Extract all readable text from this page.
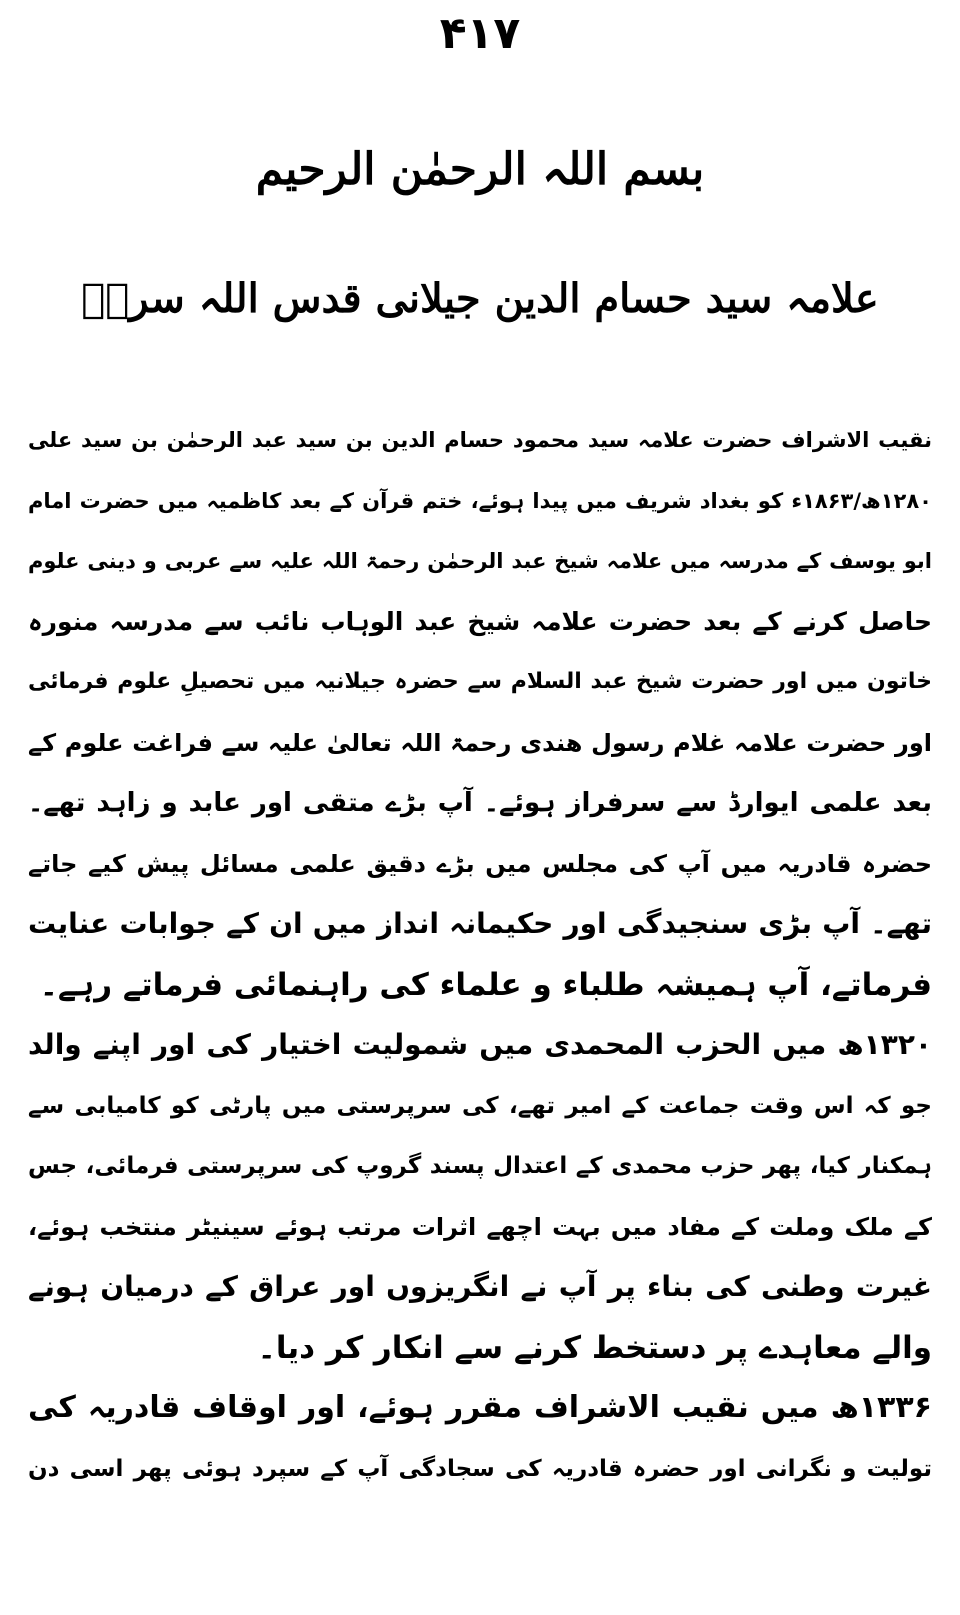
۴۱۷
بسم اللہ الرحمٰن الرحیم
علامہ سید حسام الدین جیلانی قدس اللہ سرہٗ
نقیب الاشراف حضرت علامہ سید محمود حسام الدین بن سید عبد الرحمٰن بن سید علی
۱۲۸۰ھ/۱۸۶۳ء کو بغداد شریف میں پیدا ہوئے، ختم قرآن کے بعد کاظمیہ میں حضرت امام
ابو یوسف کے مدرسہ میں علامہ شیخ عبد الرحمٰن رحمۃ اللہ علیہ سے عربی و دینی علوم
حاصل کرنے کے بعد حضرت علامہ شیخ عبد الوہاب نائب سے مدرسہ منورہ
خاتون میں اور حضرت شیخ عبد السلام سے حضرہ جیلانیہ میں تحصیلِ علوم فرمائی
اور حضرت علامہ غلام رسول ھندی رحمۃ اللہ تعالیٰ علیہ سے فراغت علوم کے
بعد علمی ایوارڈ سے سرفراز ہوئے۔ آپ بڑے متقی اور عابد و زاہد تھے۔
حضرہ قادریہ میں آپ کی مجلس میں بڑے دقیق علمی مسائل پیش کیے جاتے
تھے۔ آپ بڑی سنجیدگی اور حکیمانہ انداز میں ان کے جوابات عنایت
فرماتے، آپ ہمیشہ طلباء و علماء کی راہنمائی فرماتے رہے۔
۱۳۲۰ھ میں الحزب المحمدی میں شمولیت اختیار کی اور اپنے والد
جو کہ اس وقت جماعت کے امیر تھے، کی سرپرستی میں پارٹی کو کامیابی سے
ہمکنار کیا، پھر حزب محمدی کے اعتدال پسند گروپ کی سرپرستی فرمائی، جس
کے ملک وملت کے مفاد میں بہت اچھے اثرات مرتب ہوئے سینیٹر منتخب ہوئے،
غیرت وطنی کی بناء پر آپ نے انگریزوں اور عراق کے درمیان ہونے
والے معاہدے پر دستخط کرنے سے انکار کر دیا۔
۱۳۳۶ھ میں نقیب الاشراف مقرر ہوئے، اور اوقاف قادریہ کی
تولیت و نگرانی اور حضرہ قادریہ کی سجادگی آپ کے سپرد ہوئی پھر اسی دن
